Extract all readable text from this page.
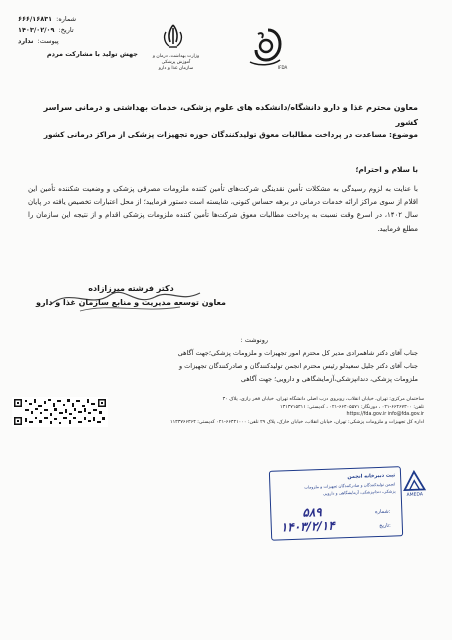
شماره:
۶۶۶/۱۶۸۳۱
تاریخ:
۱۴۰۳/۰۲/۰۹
پیوست:
ندارد
جهش تولید با مشارکت مردم	وزارت بهداشت، درمان و آموزش پزشکی
سازمان غذا و دارو	IFDA
معاون محترم غذا و دارو دانشگاه/دانشکده های علوم پزشکی، خدمات بهداشتی و درمانی سراسر کشور
موضوع: مساعدت در پرداخت مطالبات معوق تولیدکنندگان حوزه تجهیزات پزشکی از مراکز درمانی کشور
با سلام و احترام؛
با عنایت به لزوم رسیدگی به مشکلات تأمین نقدینگی شرکت‌های تأمین کننده ملزومات مصرفی پزشکی و وضعیت شکننده تأمین این اقلام از سوی مراکز ارائه خدمات درمانی در برهه حساس کنونی، شایسته است دستور فرمایید؛ از محل اعتبارات تخصیص یافته در پایان سال ۱۴۰۲، در اسرع وقت نسبت به پرداخت مطالبات معوق شرکت‌ها تأمین کننده ملزومات پزشکی اقدام و از نتیجه این سازمان را مطلع فرمایید.
دکتر فرشته میرزازاده
معاون توسعه مدیریت و منابع سازمان غذا و دارو
رونوشت :
جناب آقای دکتر شاهمرادی مدیر کل محترم امور تجهیزات و ملزومات پزشکی؛جهت آگاهی
جناب آقای دکتر جلیل سعیدلو رئیس محترم انجمن تولیدکنندگان و صادرکنندگان تجهیزات و
ملزومات پزشکی، دندانپزشکی،آزمایشگاهی و دارویی؛ جهت آگاهی
ساختمان مرکزی: تهران، خیابان انقلاب، روبروی درب اصلی دانشگاه تهران، خیابان فخر رازی، پلاک ۳۰
تلفن: ۶۶۴۶۷۳۰۰-۰۲۱ ، دورنگار: ۶۶۴۰۵۵۷۱-۰۲۱ ، کدپستی: ۱۳۱۴۷۱۵۳۱۱
https://fda.gov.ir info@fda.gov.ir
اداره کل تجهیزات و ملزومات پزشکی: تهران، خیابان انقلاب، خیابان خارک، پلاک ۲۹ تلفن: ۶۶۴۴۱۰۰۰-۰۲۱ کدپستی: ۱۱۳۳۷۶۶۳۶۴
ثبت دبیرخانه انجمن
انجمن تولیدکنندگان و صادرکنندگان تجهیزات و ملزومات
پزشکی، دندانپزشکی، آزمایشگاهی و دارویی
شماره:
تاریخ:
۵۸۹
۱۴۰۳/۲/۱۴
AMEDA
